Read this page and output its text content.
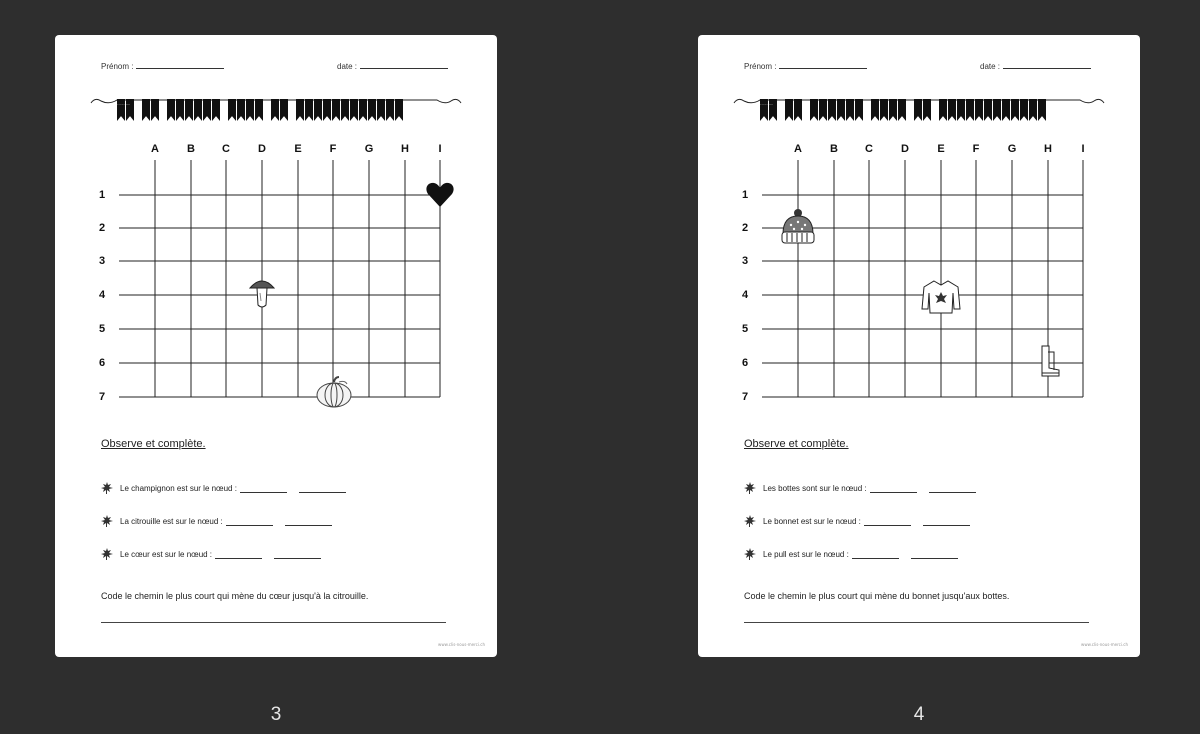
Prénom :	date :
Se repérer sur un quadrillage
A	B	C	D	E	F	G	H	I
1
2
3
4
5
6
7
Observe et complète.
Le champignon est sur le nœud :
La citrouille est sur le nœud :
Le cœur est sur le nœud :
Code le chemin le plus court qui mène du cœur jusqu'à la citrouille.
www.clis-nous-merci.ch
Prénom :	date :
Se repérer sur un quadrillage
A	B	C	D	E	F	G	H	I
1
2
3
4
5
6
7
Observe et complète.
Les bottes sont sur le nœud :
Le bonnet est sur le nœud :
Le pull est sur le nœud :
Code le chemin le plus court qui mène du bonnet jusqu'aux bottes.
www.clis-nous-merci.ch
3	4
